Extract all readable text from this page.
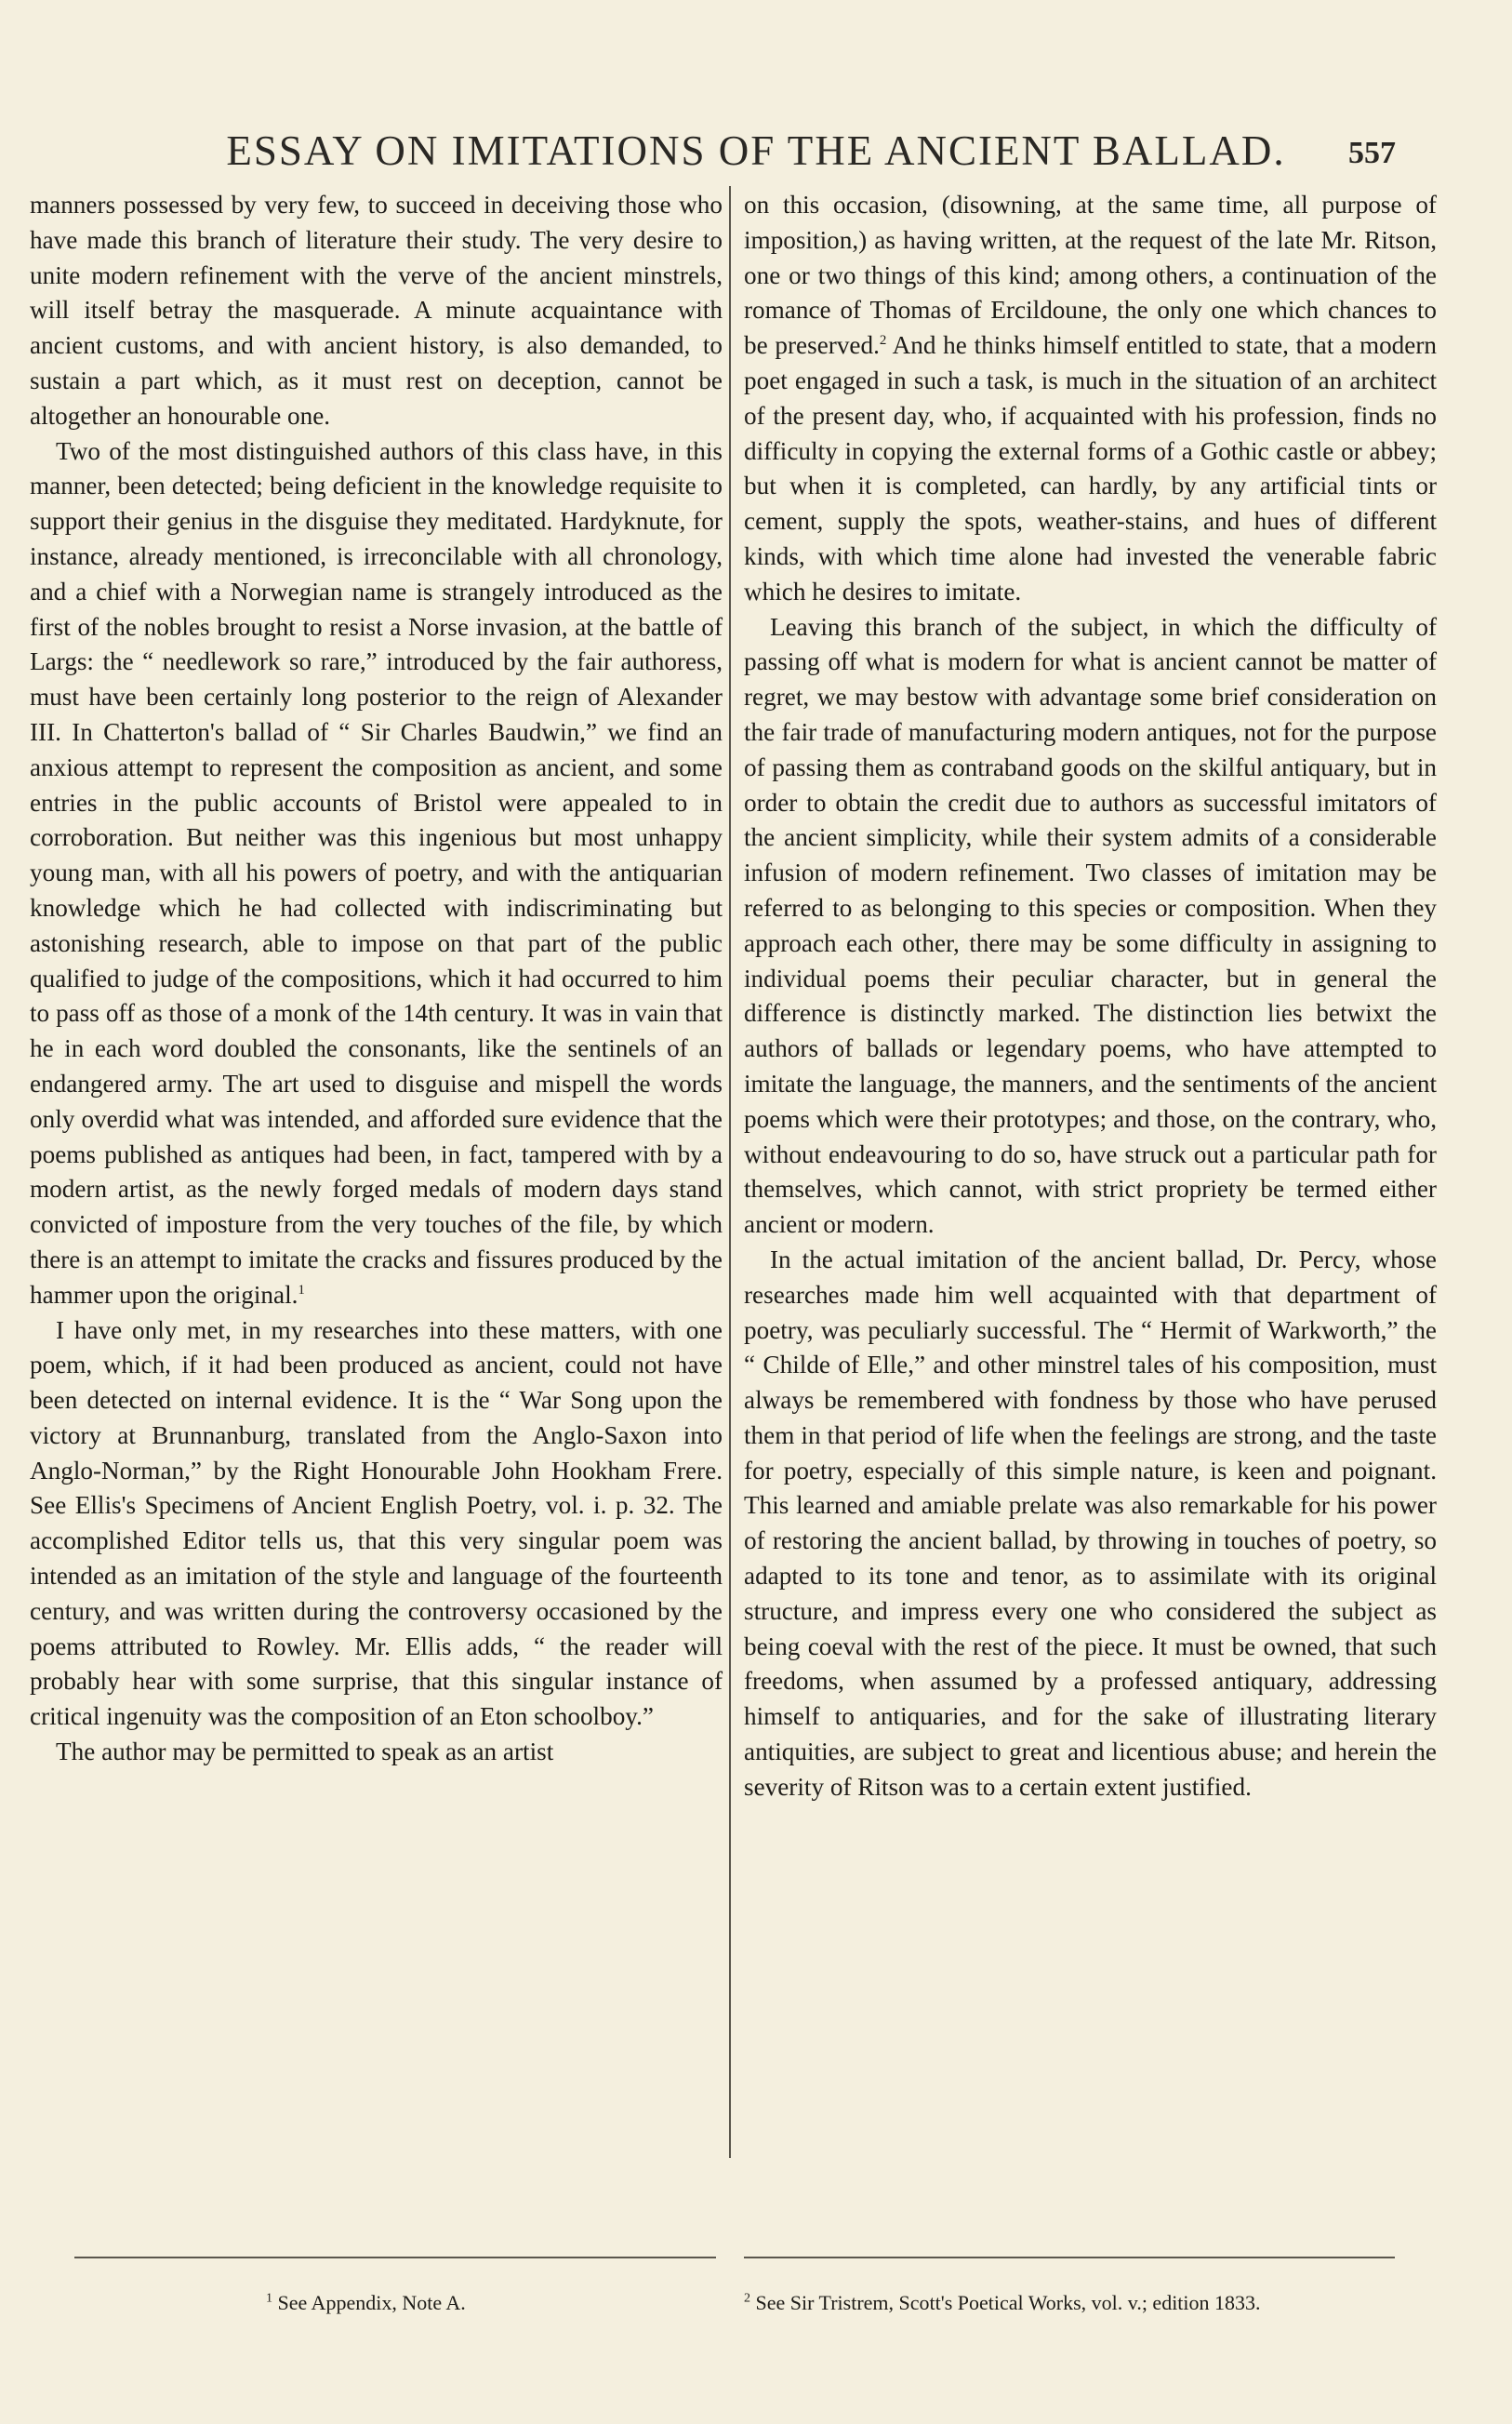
ESSAY ON IMITATIONS OF THE ANCIENT BALLAD.	557

manners possessed by very few, to succeed in deceiving those who have made this branch of literature their study. The very desire to unite modern refinement with the verve of the ancient minstrels, will itself betray the masquerade. A minute acquaintance with ancient customs, and with ancient history, is also demanded, to sustain a part which, as it must rest on deception, cannot be altogether an honourable one.

Two of the most distinguished authors of this class have, in this manner, been detected; being deficient in the knowledge requisite to support their genius in the disguise they meditated. Hardyknute, for instance, already mentioned, is irreconcilable with all chronology, and a chief with a Norwegian name is strangely introduced as the first of the nobles brought to resist a Norse invasion, at the battle of Largs: the “ needlework so rare,” introduced by the fair authoress, must have been certainly long posterior to the reign of Alexander III. In Chatterton's ballad of “ Sir Charles Baudwin,” we find an anxious attempt to represent the composition as ancient, and some entries in the public accounts of Bristol were appealed to in corroboration. But neither was this ingenious but most unhappy young man, with all his powers of poetry, and with the antiquarian knowledge which he had collected with indiscriminating but astonishing research, able to impose on that part of the public qualified to judge of the compositions, which it had occurred to him to pass off as those of a monk of the 14th century. It was in vain that he in each word doubled the consonants, like the sentinels of an endangered army. The art used to disguise and mispell the words only overdid what was intended, and afforded sure evidence that the poems published as antiques had been, in fact, tampered with by a modern artist, as the newly forged medals of modern days stand convicted of imposture from the very touches of the file, by which there is an attempt to imitate the cracks and fissures produced by the hammer upon the original.$^1$

I have only met, in my researches into these matters, with one poem, which, if it had been produced as ancient, could not have been detected on internal evidence. It is the “ War Song upon the victory at Brunnanburg, translated from the Anglo-Saxon into Anglo-Norman,” by the Right Honourable John Hookham Frere. See Ellis's Specimens of Ancient English Poetry, vol. i. p. 32. The accomplished Editor tells us, that this very singular poem was intended as an imitation of the style and language of the fourteenth century, and was written during the controversy occasioned by the poems attributed to Rowley. Mr. Ellis adds, “ the reader will probably hear with some surprise, that this singular instance of critical ingenuity was the composition of an Eton schoolboy.”

The author may be permitted to speak as an artist

on this occasion, (disowning, at the same time, all purpose of imposition,) as having written, at the request of the late Mr. Ritson, one or two things of this kind; among others, a continuation of the romance of Thomas of Ercildoune, the only one which chances to be preserved.$^2$ And he thinks himself entitled to state, that a modern poet engaged in such a task, is much in the situation of an architect of the present day, who, if acquainted with his profession, finds no difficulty in copying the external forms of a Gothic castle or abbey; but when it is completed, can hardly, by any artificial tints or cement, supply the spots, weather-stains, and hues of different kinds, with which time alone had invested the venerable fabric which he desires to imitate.

Leaving this branch of the subject, in which the difficulty of passing off what is modern for what is ancient cannot be matter of regret, we may bestow with advantage some brief consideration on the fair trade of manufacturing modern antiques, not for the purpose of passing them as contraband goods on the skilful antiquary, but in order to obtain the credit due to authors as successful imitators of the ancient simplicity, while their system admits of a considerable infusion of modern refinement. Two classes of imitation may be referred to as belonging to this species or composition. When they approach each other, there may be some difficulty in assigning to individual poems their peculiar character, but in general the difference is distinctly marked. The distinction lies betwixt the authors of ballads or legendary poems, who have attempted to imitate the language, the manners, and the sentiments of the ancient poems which were their prototypes; and those, on the contrary, who, without endeavouring to do so, have struck out a particular path for themselves, which cannot, with strict propriety be termed either ancient or modern.

In the actual imitation of the ancient ballad, Dr. Percy, whose researches made him well acquainted with that department of poetry, was peculiarly successful. The “ Hermit of Warkworth,” the “ Childe of Elle,” and other minstrel tales of his composition, must always be remembered with fondness by those who have perused them in that period of life when the feelings are strong, and the taste for poetry, especially of this simple nature, is keen and poignant. This learned and amiable prelate was also remarkable for his power of restoring the ancient ballad, by throwing in touches of poetry, so adapted to its tone and tenor, as to assimilate with its original structure, and impress every one who considered the subject as being coeval with the rest of the piece. It must be owned, that such freedoms, when assumed by a professed antiquary, addressing himself to antiquaries, and for the sake of illustrating literary antiquities, are subject to great and licentious abuse; and herein the severity of Ritson was to a certain extent justified.

$^1$ See Appendix, Note A.	$^2$ See Sir Tristrem, Scott's Poetical Works, vol. v.; edition 1833.
